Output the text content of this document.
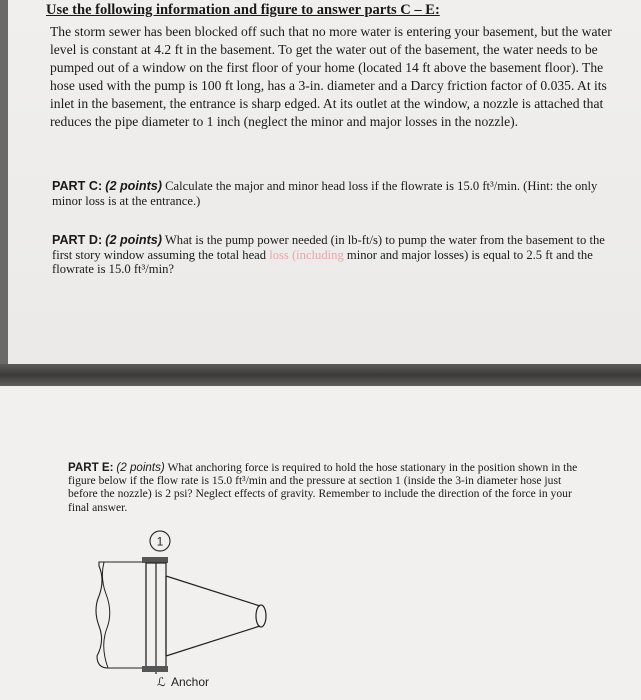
Use the following information and figure to answer parts C – E:
The storm sewer has been blocked off such that no more water is entering your basement, but the water level is constant at 4.2 ft in the basement. To get the water out of the basement, the water needs to be pumped out of a window on the first floor of your home (located 14 ft above the basement floor). The hose used with the pump is 100 ft long, has a 3-in. diameter and a Darcy friction factor of 0.035. At its inlet in the basement, the entrance is sharp edged. At its outlet at the window, a nozzle is attached that reduces the pipe diameter to 1 inch (neglect the minor and major losses in the nozzle).
PART C: (2 points) Calculate the major and minor head loss if the flowrate is 15.0 ft³/min. (Hint: the only minor loss is at the entrance.)
PART D: (2 points) What is the pump power needed (in lb-ft/s) to pump the water from the basement to the first story window assuming the total head loss (including minor and major losses) is equal to 2.5 ft and the flowrate is 15.0 ft³/min?
PART E: (2 points) What anchoring force is required to hold the hose stationary in the position shown in the figure below if the flow rate is 15.0 ft³/min and the pressure at section 1 (inside the 3-in diameter hose just before the nozzle) is 2 psi? Neglect effects of gravity. Remember to include the direction of the force in your final answer.
1
ℒ Anchor
